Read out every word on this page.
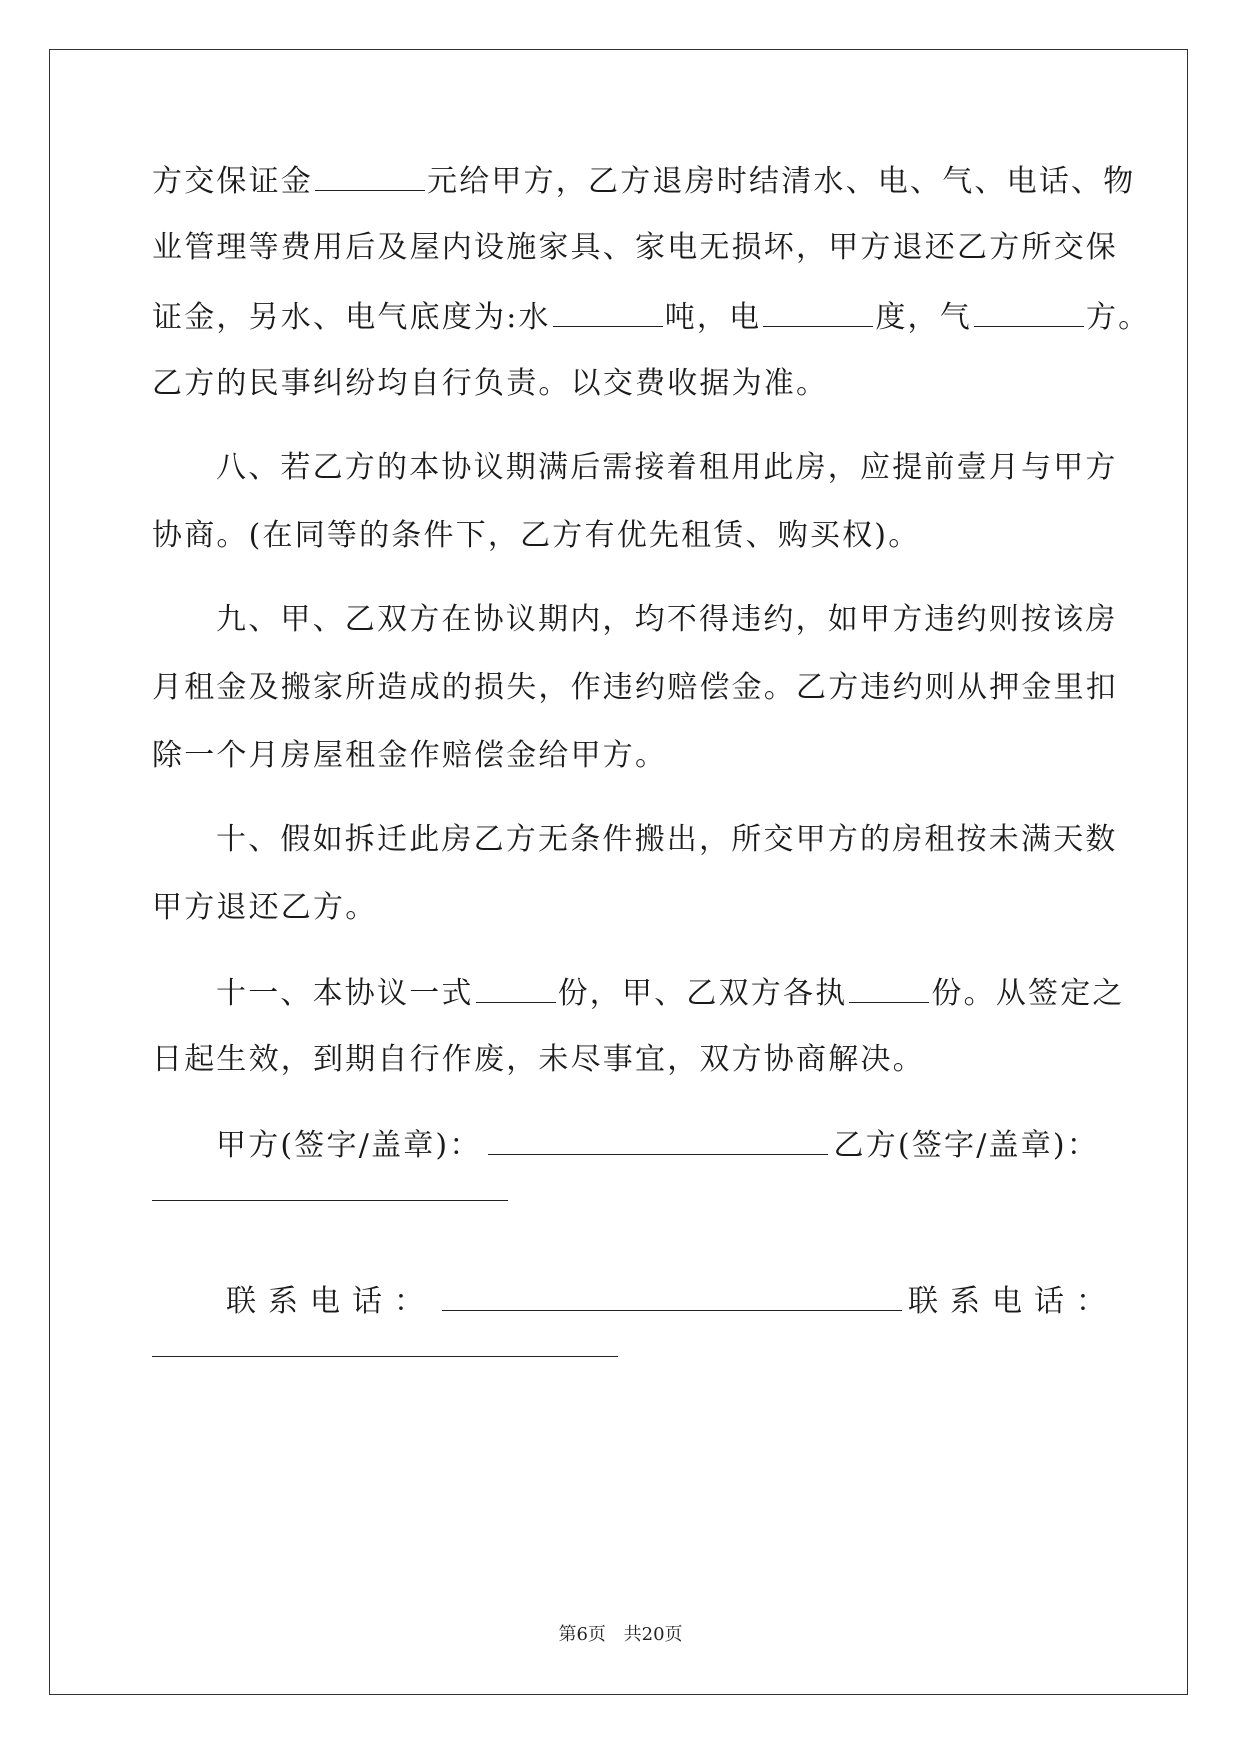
方交保证金	元给甲方，乙方退房时结清水、电、气、电话、物
业管理等费用后及屋内设施家具、家电无损坏，甲方退还乙方所交保
证金，另水、电气底度为:水	吨，电	度，气	方。
乙方的民事纠纷均自行负责。以交费收据为准。
八、若乙方的本协议期满后需接着租用此房，应提前壹月与甲方
协商。(在同等的条件下，乙方有优先租赁、购买权)。
九、甲、乙双方在协议期内，均不得违约，如甲方违约则按该房
月租金及搬家所造成的损失，作违约赔偿金。乙方违约则从押金里扣
除一个月房屋租金作赔偿金给甲方。
十、假如拆迁此房乙方无条件搬出，所交甲方的房租按未满天数
甲方退还乙方。
十一、本协议一式	份，甲、乙双方各执	份。从签定之
日起生效，到期自行作废，未尽事宜，双方协商解决。
甲方(签字/盖章)：	乙方(签字/盖章)：
联系电话：	联系电话：
第6页 共20页
